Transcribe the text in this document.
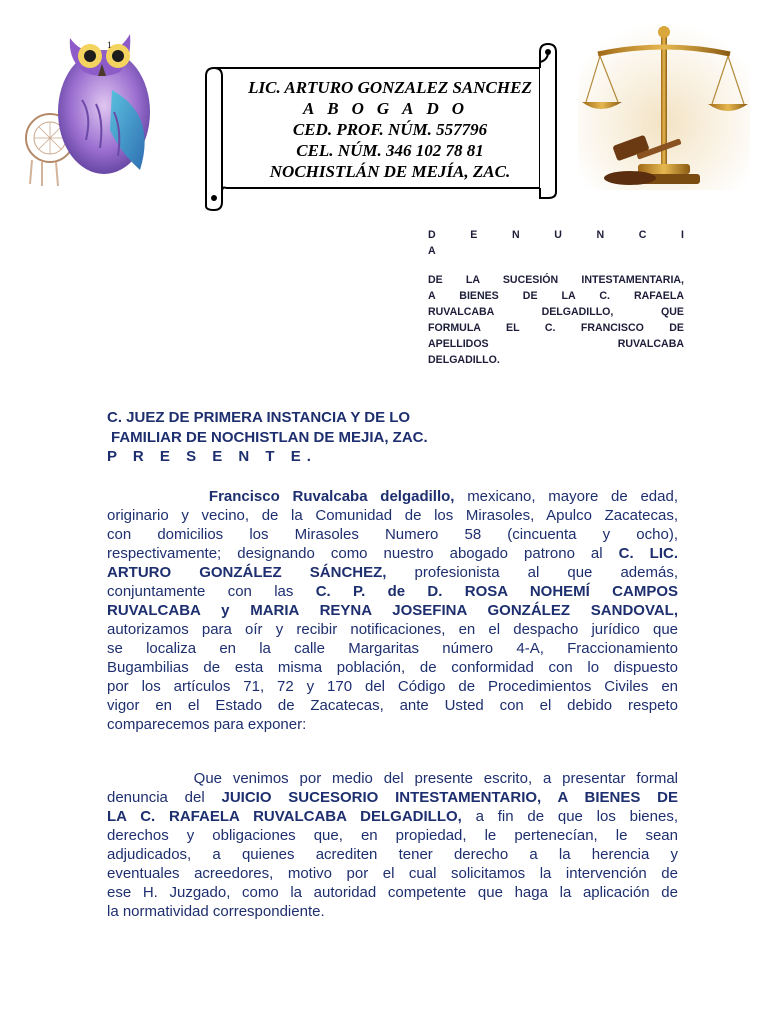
1
LIC. ARTURO GONZALEZ SANCHEZ
ABOGADO
CED. PROF. NÚM. 557796
CEL. NÚM. 346 102 78 81
NOCHISTLÁN DE MEJÍA, ZAC.
D	E	N	U	N	C	I
A
DE LA SUCESIÓN INTESTAMENTARIA,
A BIENES DE LA C. RAFAELA
RUVALCABA DELGADILLO, QUE
FORMULA EL C. FRANCISCO DE
APELLIDOS RUVALCABA
DELGADILLO.
C. JUEZ DE PRIMERA INSTANCIA Y DE LO
FAMILIAR DE NOCHISTLAN DE MEJIA, ZAC.
P R E S E N T E.
Francisco Ruvalcaba delgadillo, mexicano, mayore de edad,
originario y vecino, de la Comunidad de los Mirasoles, Apulco Zacatecas,
con domicilios los Mirasoles Numero 58 (cincuenta y ocho),
respectivamente; designando como nuestro abogado patrono al C. LIC.
ARTURO GONZÁLEZ SÁNCHEZ, profesionista al que además,
conjuntamente con las C. P. de D. ROSA NOHEMÍ CAMPOS
RUVALCABA y MARIA REYNA JOSEFINA GONZÁLEZ SANDOVAL,
autorizamos para oír y recibir notificaciones, en el despacho jurídico que
se localiza en la calle Margaritas número 4-A, Fraccionamiento
Bugambilias de esta misma población, de conformidad con lo dispuesto
por los artículos 71, 72 y 170 del Código de Procedimientos Civiles en
vigor en el Estado de Zacatecas, ante Usted con el debido respeto
comparecemos para exponer:
Que venimos por medio del presente escrito, a presentar formal
denuncia del JUICIO SUCESORIO INTESTAMENTARIO, A BIENES DE
LA C. RAFAELA RUVALCABA DELGADILLO, a fin de que los bienes,
derechos y obligaciones que, en propiedad, le pertenecían, le sean
adjudicados, a quienes acrediten tener derecho a la herencia y
eventuales acreedores, motivo por el cual solicitamos la intervención de
ese H. Juzgado, como la autoridad competente que haga la aplicación de
la normatividad correspondiente.
